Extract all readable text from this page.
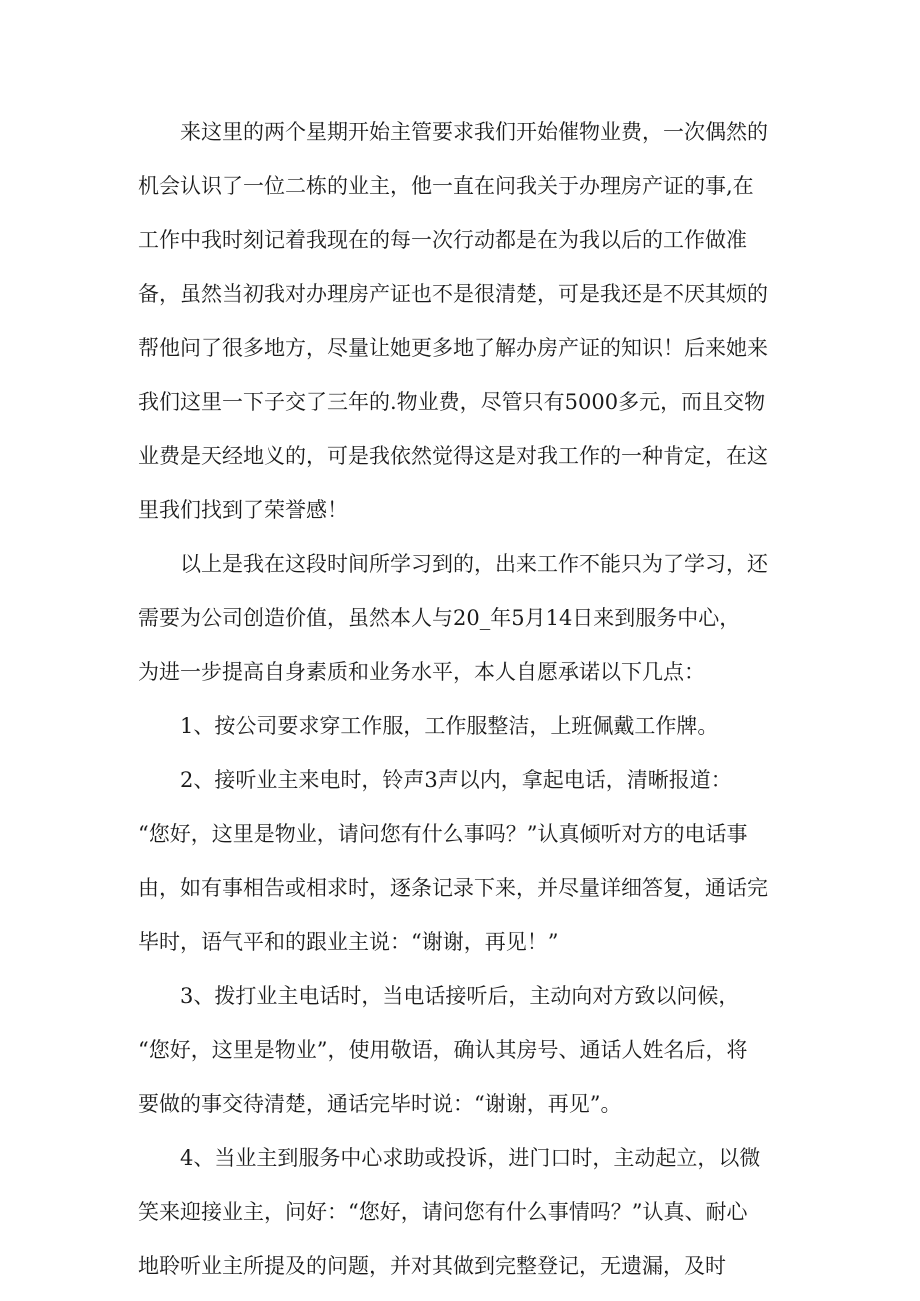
来这里的两个星期开始主管要求我们开始催物业费，一次偶然的
机会认识了一位二栋的业主，他一直在问我关于办理房产证的事,在
工作中我时刻记着我现在的每一次行动都是在为我以后的工作做准
备，虽然当初我对办理房产证也不是很清楚，可是我还是不厌其烦的
帮他问了很多地方，尽量让她更多地了解办房产证的知识！后来她来
我们这里一下子交了三年的.物业费，尽管只有5000多元，而且交物
业费是天经地义的，可是我依然觉得这是对我工作的一种肯定，在这
里我们找到了荣誉感！
以上是我在这段时间所学习到的，出来工作不能只为了学习，还
需要为公司创造价值，虽然本人与20_年5月14日来到服务中心，
为进一步提高自身素质和业务水平，本人自愿承诺以下几点：
1、按公司要求穿工作服，工作服整洁，上班佩戴工作牌。
2、接听业主来电时，铃声3声以内，拿起电话，清晰报道：
“您好，这里是物业，请问您有什么事吗？”认真倾听对方的电话事
由，如有事相告或相求时，逐条记录下来，并尽量详细答复，通话完
毕时，语气平和的跟业主说：“谢谢，再见！”
3、拨打业主电话时，当电话接听后，主动向对方致以问候，
“您好，这里是物业”，使用敬语，确认其房号、通话人姓名后，将
要做的事交待清楚，通话完毕时说：“谢谢，再见”。
4、当业主到服务中心求助或投诉，进门口时，主动起立，以微
笑来迎接业主，问好：“您好，请问您有什么事情吗？”认真、耐心
地聆听业主所提及的问题，并对其做到完整登记，无遗漏，及时
